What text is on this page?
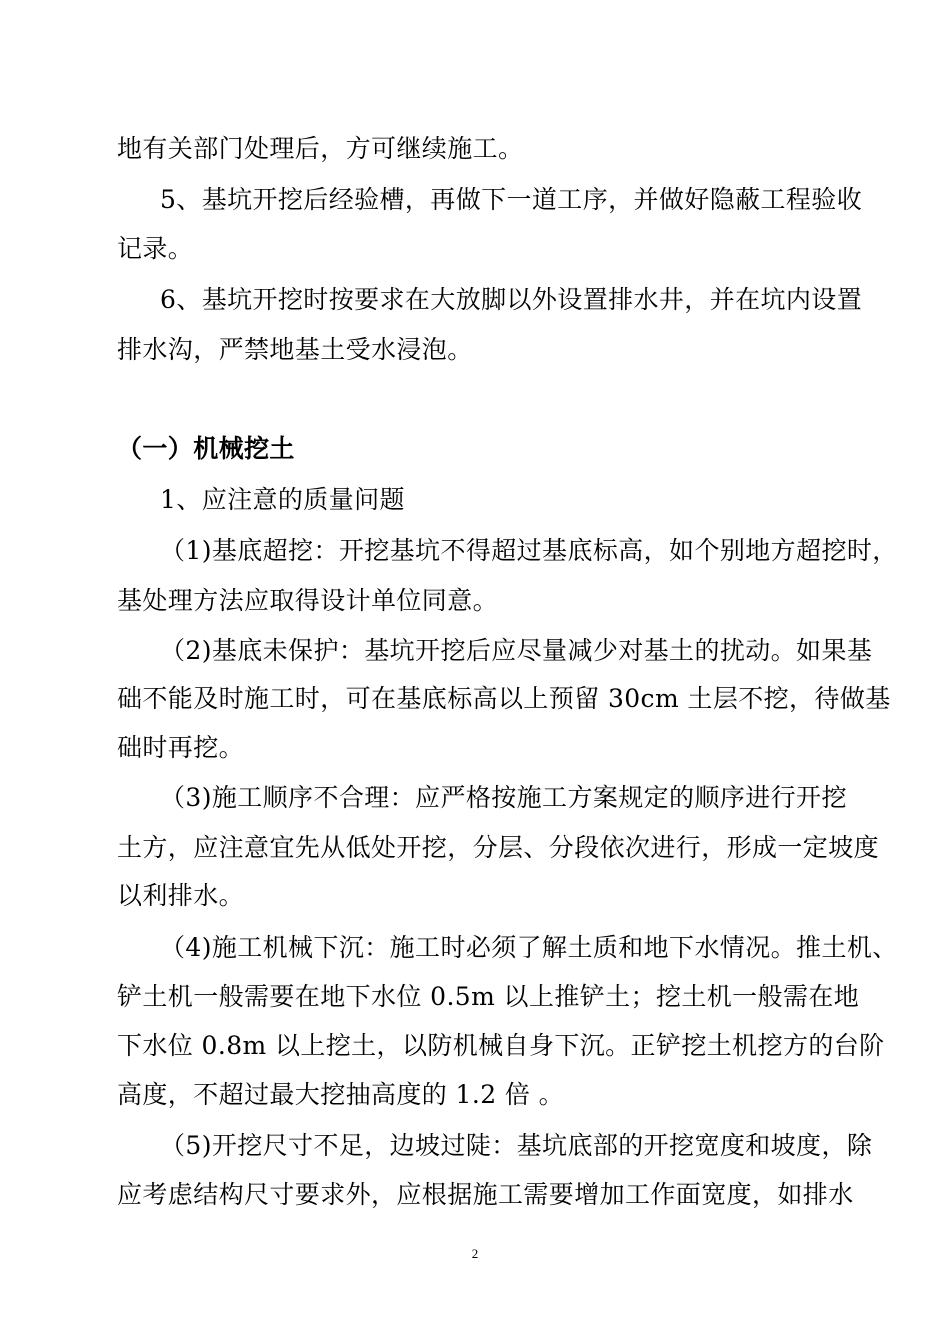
地有关部门处理后，方可继续施工。
5、基坑开挖后经验槽，再做下一道工序，并做好隐蔽工程验收
记录。
6、基坑开挖时按要求在大放脚以外设置排水井，并在坑内设置
排水沟，严禁地基土受水浸泡。
（一）机械挖土
1、应注意的质量问题
（1)基底超挖：开挖基坑不得超过基底标高，如个别地方超挖时，
基处理方法应取得设计单位同意。
（2)基底未保护：基坑开挖后应尽量减少对基土的扰动。如果基
础不能及时施工时，可在基底标高以上预留 30cm 土层不挖，待做基
础时再挖。
（3)施工顺序不合理：应严格按施工方案规定的顺序进行开挖
土方，应注意宜先从低处开挖，分层、分段依次进行，形成一定坡度
以利排水。
（4)施工机械下沉：施工时必须了解土质和地下水情况。推土机、
铲土机一般需要在地下水位 0.5m 以上推铲土；挖土机一般需在地
下水位 0.8m 以上挖土，以防机械自身下沉。正铲挖土机挖方的台阶
高度，不超过最大挖抽高度的 1.2 倍 。
（5)开挖尺寸不足，边坡过陡：基坑底部的开挖宽度和坡度，除
应考虑结构尺寸要求外，应根据施工需要增加工作面宽度，如排水
2
